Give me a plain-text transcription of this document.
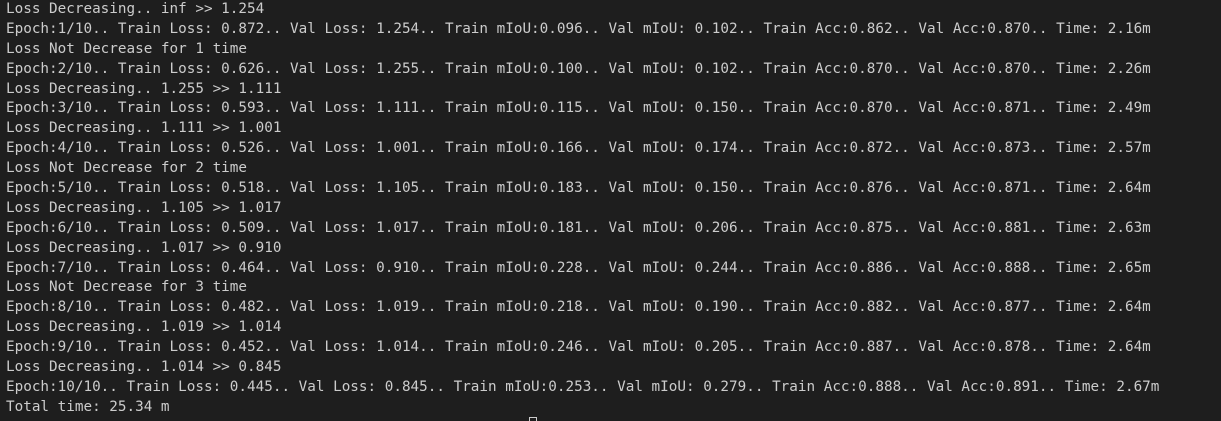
Loss Decreasing.. inf >> 1.254
Epoch:1/10.. Train Loss: 0.872.. Val Loss: 1.254.. Train mIoU:0.096.. Val mIoU: 0.102.. Train Acc:0.862.. Val Acc:0.870.. Time: 2.16m
Loss Not Decrease for 1 time
Epoch:2/10.. Train Loss: 0.626.. Val Loss: 1.255.. Train mIoU:0.100.. Val mIoU: 0.102.. Train Acc:0.870.. Val Acc:0.870.. Time: 2.26m
Loss Decreasing.. 1.255 >> 1.111
Epoch:3/10.. Train Loss: 0.593.. Val Loss: 1.111.. Train mIoU:0.115.. Val mIoU: 0.150.. Train Acc:0.870.. Val Acc:0.871.. Time: 2.49m
Loss Decreasing.. 1.111 >> 1.001
Epoch:4/10.. Train Loss: 0.526.. Val Loss: 1.001.. Train mIoU:0.166.. Val mIoU: 0.174.. Train Acc:0.872.. Val Acc:0.873.. Time: 2.57m
Loss Not Decrease for 2 time
Epoch:5/10.. Train Loss: 0.518.. Val Loss: 1.105.. Train mIoU:0.183.. Val mIoU: 0.150.. Train Acc:0.876.. Val Acc:0.871.. Time: 2.64m
Loss Decreasing.. 1.105 >> 1.017
Epoch:6/10.. Train Loss: 0.509.. Val Loss: 1.017.. Train mIoU:0.181.. Val mIoU: 0.206.. Train Acc:0.875.. Val Acc:0.881.. Time: 2.63m
Loss Decreasing.. 1.017 >> 0.910
Epoch:7/10.. Train Loss: 0.464.. Val Loss: 0.910.. Train mIoU:0.228.. Val mIoU: 0.244.. Train Acc:0.886.. Val Acc:0.888.. Time: 2.65m
Loss Not Decrease for 3 time
Epoch:8/10.. Train Loss: 0.482.. Val Loss: 1.019.. Train mIoU:0.218.. Val mIoU: 0.190.. Train Acc:0.882.. Val Acc:0.877.. Time: 2.64m
Loss Decreasing.. 1.019 >> 1.014
Epoch:9/10.. Train Loss: 0.452.. Val Loss: 1.014.. Train mIoU:0.246.. Val mIoU: 0.205.. Train Acc:0.887.. Val Acc:0.878.. Time: 2.64m
Loss Decreasing.. 1.014 >> 0.845
Epoch:10/10.. Train Loss: 0.445.. Val Loss: 0.845.. Train mIoU:0.253.. Val mIoU: 0.279.. Train Acc:0.888.. Val Acc:0.891.. Time: 2.67m
Total time: 25.34 m
